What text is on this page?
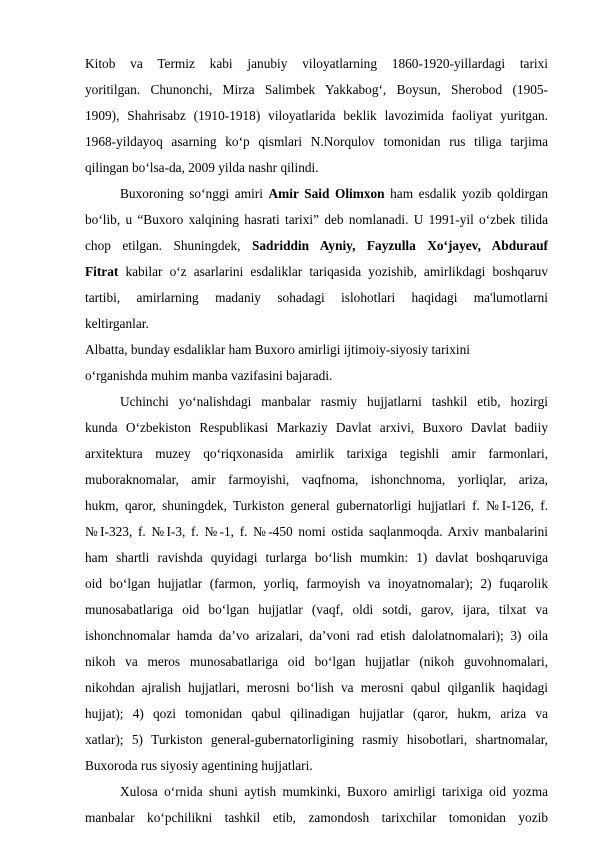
Kitob va Termiz kabi janubiy viloyatlarning 1860-1920-yillardagi tarixi
yoritilgan. Chunonchi, Mirza Salimbek Yakkabog‘, Boysun, Sherobod (1905-
1909), Shahrisabz (1910-1918) viloyatlarida beklik lavozimida faoliyat yuritgan.
1968-yildayoq asarning ko‘p qismlari N.Norqulov tomonidan rus tiliga tarjima
qilingan bo‘lsa-da, 2009 yilda nashr qilindi.
Buxoroning so‘nggi amiri Amir Said Olimxon ham esdalik yozib qoldirgan
bo‘lib, u “Buxoro xalqining hasrati tarixi” deb nomlanadi. U 1991-yil o‘zbek tilida
chop etilgan. Shuningdek, Sadriddin Ayniy, Fayzulla Xo‘jayev, Abdurauf
Fitrat kabilar o‘z asarlarini esdaliklar tariqasida yozishib, amirlikdagi boshqaruv
tartibi, amirlarning madaniy sohadagi islohotlari haqidagi ma'lumotlarni
keltirganlar.
Albatta, bunday esdaliklar ham Buxoro amirligi ijtimoiy-siyosiy tarixini
o‘rganishda muhim manba vazifasini bajaradi.
Uchinchi yo‘nalishdagi manbalar rasmiy hujjatlarni tashkil etib, hozirgi
kunda O‘zbekiston Respublikasi Markaziy Davlat arxivi, Buxoro Davlat badiiy
arxitektura muzey qo‘riqxonasida amirlik tarixiga tegishli amir farmonlari,
muboraknomalar, amir farmoyishi, vaqfnoma, ishonchnoma, yorliqlar, ariza,
hukm, qaror, shuningdek, Turkiston general gubernatorligi hujjatlari f. №I-126, f.
№I-323, f. №I-3, f. №-1, f. №-450 nomi ostida saqlanmoqda. Arxiv manbalarini
ham shartli ravishda quyidagi turlarga bo‘lish mumkin: 1) davlat boshqaruviga
oid bo‘lgan hujjatlar (farmon, yorliq, farmoyish va inoyatnomalar); 2) fuqarolik
munosabatlariga oid bo‘lgan hujjatlar (vaqf, oldi sotdi, garov, ijara, tilxat va
ishonchnomalar hamda da’vo arizalari, da’voni rad etish dalolatnomalari); 3) oila
nikoh va meros munosabatlariga oid bo‘lgan hujjatlar (nikoh guvohnomalari,
nikohdan ajralish hujjatlari, merosni bo‘lish va merosni qabul qilganlik haqidagi
hujjat); 4) qozi tomonidan qabul qilinadigan hujjatlar (qaror, hukm, ariza va
xatlar); 5) Turkiston general-gubernatorligining rasmiy hisobotlari, shartnomalar,
Buxoroda rus siyosiy agentining hujjatlari.
Xulosa o‘rnida shuni aytish mumkinki, Buxoro amirligi tarixiga oid yozma
manbalar ko‘pchilikni tashkil etib, zamondosh tarixchilar tomonidan yozib
